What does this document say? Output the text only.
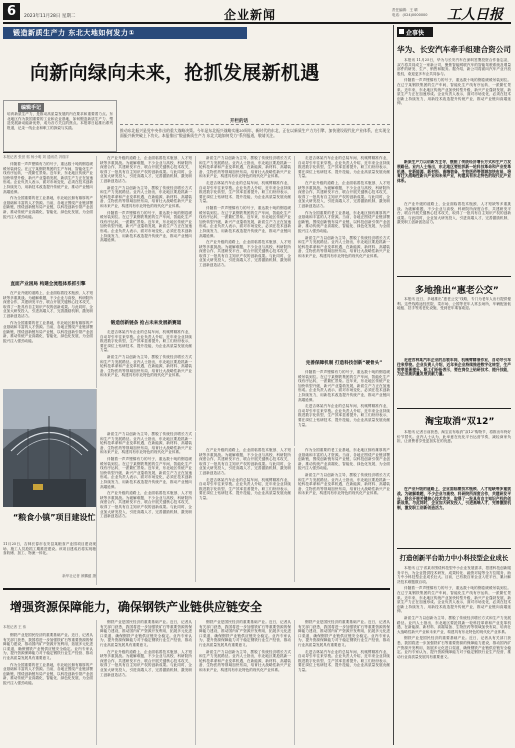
6	2023年11月28日 星期二	企业新闻	责任编辑：王 晴
电话：(024)0000000	工人日报
锻造新质生产力 东北大地如何发力①
向新向绿向未来，抢抓发展新机遇
编辑手记
培育新质生产力，是推动高质量发展的内在要求和重要着力点。东北地区作为我国重要的工业和农业基地，如何锻造新质生产力、塑造发展新动能新优势，成为各方关注的焦点。本报即日起推出系列报道，记录一线企业和职工的探索与实践。
开栏的话
推动东北振兴是党中央作出的重大战略决策。今年是东北振兴战略实施20周年，新时代的东北，正在以新质生产力为引擎，加快建设现代化产业体系，在实现全面振兴新突破上下功夫。本报推出“锻造新质生产力 东北大地如何发力”系列报道，敬请关注。
本报记者 张世 郭 杨小明 刘 通讯员 冯瑞宇

伴随着一声声铿锵有力的号子，重达数十吨的钢卷缓缓吊装到位。在辽宁某钢铁集团的生产车间，智能化生产线有序运转，一派繁忙景象。近年来，东北地区传统产业加快转型升级，新兴产业蓬勃发展，新质生产力正在加速形成。企业负责人表示，面对市场变化，必须在技术创新上持续发力，用新技术改造提升传统产业，推动产业链向高端延伸。

作为全国重要的老工业基地，东北地区拥有雄厚的产业基础和丰富的人才资源。当前，各地正围绕产业链部署创新链，围绕创新链布局产业链，以科技创新引领产业创新，推动传统产业高端化、智能化、绿色化发展，为全面振兴注入强劲动能。

直面产业困局 构建全流程体系抓引擎

在产业升级的道路上，企业面临着技术瓶颈、人才短缺等多重挑战。为破解难题，不少企业与高校、科研院所深度合作，共建研发平台，联合开展关键核心技术攻关，取得了一批具有自主知识产权的创新成果。与此同时，企业加大研发投入，引进高端人才，完善激励机制，激发职工创新创造活力。

作为全国重要的老工业基地，东北地区拥有雄厚的产业基础和丰富的人才资源。当前，各地正围绕产业链部署创新链，围绕创新链布局产业链，以科技创新引领产业创新，推动传统产业高端化、智能化、绿色化发展，为全面振兴注入强劲动能。

在产业升级的道路上，企业面临着技术瓶颈、人才短缺等多重挑战。为破解难题，不少企业与高校、科研院所深度合作，共建研发平台，联合开展关键核心技术攻关，取得了一批具有自主知识产权的创新成果。与此同时，企业加大研发投入，引进高端人才，完善激励机制，激发职工创新创造活力。

新质生产力以创新为主导，摆脱了传统经济增长方式和生产力发展路径。业内人士指出，东北地区要抢抓新一轮科技革命和产业变革机遇，在新能源、新材料、高端装备、生物医药等领域加快布局，培育壮大战略性新兴产业和未来产业，构建具有东北特色的现代化产业体系。

伴随着一声声铿锵有力的号子，重达数十吨的钢卷缓缓吊装到位。在辽宁某钢铁集团的生产车间，智能化生产线有序运转，一派繁忙景象。近年来，东北地区传统产业加快转型升级，新兴产业蓬勃发展，新质生产力正在加速形成。企业负责人表示，面对市场变化，必须在技术创新上持续发力，用新技术改造提升传统产业，推动产业链向高端延伸。

锻造创新链条 抢占未来发展新赛道

走进吉林某汽车企业的总装车间，机械臂精准作业，自动导引车往来穿梭。企业负责人介绍，近年来企业持续推进数字化转型，生产效率显著提升。职工们纷纷表示，要在岗位上钻研技术、提升技能，为企业高质量发展贡献力量。

新质生产力以创新为主导，摆脱了传统经济增长方式和生产力发展路径。业内人士指出，东北地区要抢抓新一轮科技革命和产业变革机遇，在新能源、新材料、高端装备、生物医药等领域加快布局，培育壮大战略性新兴产业和未来产业，构建具有东北特色的现代化产业体系。

新质生产力以创新为主导，摆脱了传统经济增长方式和生产力发展路径。业内人士指出，东北地区要抢抓新一轮科技革命和产业变革机遇，在新能源、新材料、高端装备、生物医药等领域加快布局，培育壮大战略性新兴产业和未来产业，构建具有东北特色的现代化产业体系。

走进吉林某汽车企业的总装车间，机械臂精准作业，自动导引车往来穿梭。企业负责人介绍，近年来企业持续推进数字化转型，生产效率显著提升。职工们纷纷表示，要在岗位上钻研技术、提升技能，为企业高质量发展贡献力量。

伴随着一声声铿锵有力的号子，重达数十吨的钢卷缓缓吊装到位。在辽宁某钢铁集团的生产车间，智能化生产线有序运转，一派繁忙景象。近年来，东北地区传统产业加快转型升级，新兴产业蓬勃发展，新质生产力正在加速形成。企业负责人表示，面对市场变化，必须在技术创新上持续发力，用新技术改造提升传统产业，推动产业链向高端延伸。

在产业升级的道路上，企业面临着技术瓶颈、人才短缺等多重挑战。为破解难题，不少企业与高校、科研院所深度合作，共建研发平台，联合开展关键核心技术攻关，取得了一批具有自主知识产权的创新成果。与此同时，企业加大研发投入，引进高端人才，完善激励机制，激发职工创新创造活力。

走进吉林某汽车企业的总装车间，机械臂精准作业，自动导引车往来穿梭。企业负责人介绍，近年来企业持续推进数字化转型，生产效率显著提升。职工们纷纷表示，要在岗位上钻研技术、提升技能，为企业高质量发展贡献力量。

在产业升级的道路上，企业面临着技术瓶颈、人才短缺等多重挑战。为破解难题，不少企业与高校、科研院所深度合作，共建研发平台，联合开展关键核心技术攻关，取得了一批具有自主知识产权的创新成果。与此同时，企业加大研发投入，引进高端人才，完善激励机制，激发职工创新创造活力。

作为全国重要的老工业基地，东北地区拥有雄厚的产业基础和丰富的人才资源。当前，各地正围绕产业链部署创新链，围绕创新链布局产业链，以科技创新引领产业创新，推动传统产业高端化、智能化、绿色化发展，为全面振兴注入强劲动能。

新质生产力以创新为主导，摆脱了传统经济增长方式和生产力发展路径。业内人士指出，东北地区要抢抓新一轮科技革命和产业变革机遇，在新能源、新材料、高端装备、生物医药等领域加快布局，培育壮大战略性新兴产业和未来产业，构建具有东北特色的现代化产业体系。

完善保障机制 打造科技创新“硬骨头”

伴随着一声声铿锵有力的号子，重达数十吨的钢卷缓缓吊装到位。在辽宁某钢铁集团的生产车间，智能化生产线有序运转，一派繁忙景象。近年来，东北地区传统产业加快转型升级，新兴产业蓬勃发展，新质生产力正在加速形成。企业负责人表示，面对市场变化，必须在技术创新上持续发力，用新技术改造提升传统产业，推动产业链向高端延伸。

走进吉林某汽车企业的总装车间，机械臂精准作业，自动导引车往来穿梭。企业负责人介绍，近年来企业持续推进数字化转型，生产效率显著提升。职工们纷纷表示，要在岗位上钻研技术、提升技能，为企业高质量发展贡献力量。

“粮食小镇”项目建设忙
11月25日，吉林长春市农安县某粮食产业园项目建设现场，施工人员抢抓工期推进建设。该项目建成后将实现粮食收储、加工、物流一体化。
新华社记者 颜麟蕴 摄

新质生产力以创新为主导，摆脱了传统经济增长方式和生产力发展路径。业内人士指出，东北地区要抢抓新一轮科技革命和产业变革机遇，在新能源、新材料、高端装备、生物医药等领域加快布局，培育壮大战略性新兴产业和未来产业，构建具有东北特色的现代化产业体系。

伴随着一声声铿锵有力的号子，重达数十吨的钢卷缓缓吊装到位。在辽宁某钢铁集团的生产车间，智能化生产线有序运转，一派繁忙景象。近年来，东北地区传统产业加快转型升级，新兴产业蓬勃发展，新质生产力正在加速形成。企业负责人表示，面对市场变化，必须在技术创新上持续发力，用新技术改造提升传统产业，推动产业链向高端延伸。

在产业升级的道路上，企业面临着技术瓶颈、人才短缺等多重挑战。为破解难题，不少企业与高校、科研院所深度合作，共建研发平台，联合开展关键核心技术攻关，取得了一批具有自主知识产权的创新成果。与此同时，企业加大研发投入，引进高端人才，完善激励机制，激发职工创新创造活力。

在产业升级的道路上，企业面临着技术瓶颈、人才短缺等多重挑战。为破解难题，不少企业与高校、科研院所深度合作，共建研发平台，联合开展关键核心技术攻关，取得了一批具有自主知识产权的创新成果。与此同时，企业加大研发投入，引进高端人才，完善激励机制，激发职工创新创造活力。

走进吉林某汽车企业的总装车间，机械臂精准作业，自动导引车往来穿梭。企业负责人介绍，近年来企业持续推进数字化转型，生产效率显著提升。职工们纷纷表示，要在岗位上钻研技术、提升技能，为企业高质量发展贡献力量。

作为全国重要的老工业基地，东北地区拥有雄厚的产业基础和丰富的人才资源。当前，各地正围绕产业链部署创新链，围绕创新链布局产业链，以科技创新引领产业创新，推动传统产业高端化、智能化、绿色化发展，为全面振兴注入强劲动能。

新质生产力以创新为主导，摆脱了传统经济增长方式和生产力发展路径。业内人士指出，东北地区要抢抓新一轮科技革命和产业变革机遇，在新能源、新材料、高端装备、生物医药等领域加快布局，培育壮大战略性新兴产业和未来产业，构建具有东北特色的现代化产业体系。

增强资源保障能力，确保钢铁产业链供应链安全
本报记者 王 伟

钢铁产业是国民经济的重要基础产业。近日，记者从有关部门获悉，我国将进一步加强铁矿石等重要资源的保障能力建设，推动国内矿产资源开发利用，拓展多元化进口渠道，确保钢铁产业链供应链安全稳定。业内专家认为，提升资源保障能力对于稳定钢铁行业生产经营、推动行业高质量发展具有重要意义。

作为全国重要的老工业基地，东北地区拥有雄厚的产业基础和丰富的人才资源。当前，各地正围绕产业链部署创新链，围绕创新链布局产业链，以科技创新引领产业创新，推动传统产业高端化、智能化、绿色化发展，为全面振兴注入强劲动能。

钢铁产业是国民经济的重要基础产业。近日，记者从有关部门获悉，我国将进一步加强铁矿石等重要资源的保障能力建设，推动国内矿产资源开发利用，拓展多元化进口渠道，确保钢铁产业链供应链安全稳定。业内专家认为，提升资源保障能力对于稳定钢铁行业生产经营、推动行业高质量发展具有重要意义。

在产业升级的道路上，企业面临着技术瓶颈、人才短缺等多重挑战。为破解难题，不少企业与高校、科研院所深度合作，共建研发平台，联合开展关键核心技术攻关，取得了一批具有自主知识产权的创新成果。与此同时，企业加大研发投入，引进高端人才，完善激励机制，激发职工创新创造活力。

钢铁产业是国民经济的重要基础产业。近日，记者从有关部门获悉，我国将进一步加强铁矿石等重要资源的保障能力建设，推动国内矿产资源开发利用，拓展多元化进口渠道，确保钢铁产业链供应链安全稳定。业内专家认为，提升资源保障能力对于稳定钢铁行业生产经营、推动行业高质量发展具有重要意义。

新质生产力以创新为主导，摆脱了传统经济增长方式和生产力发展路径。业内人士指出，东北地区要抢抓新一轮科技革命和产业变革机遇，在新能源、新材料、高端装备、生物医药等领域加快布局，培育壮大战略性新兴产业和未来产业，构建具有东北特色的现代化产业体系。

钢铁产业是国民经济的重要基础产业。近日，记者从有关部门获悉，我国将进一步加强铁矿石等重要资源的保障能力建设，推动国内矿产资源开发利用，拓展多元化进口渠道，确保钢铁产业链供应链安全稳定。业内专家认为，提升资源保障能力对于稳定钢铁行业生产经营、推动行业高质量发展具有重要意义。

走进吉林某汽车企业的总装车间，机械臂精准作业，自动导引车往来穿梭。企业负责人介绍，近年来企业持续推进数字化转型，生产效率显著提升。职工们纷纷表示，要在岗位上钻研技术、提升技能，为企业高质量发展贡献力量。

企事快
华为、长安汽车牵手组建合资公司

本报讯 11月25日，华为与长安汽车在深圳签署投资合作备忘录，双方将共同成立一家新公司，聚焦智能网联汽车的智能驾驶系统及增量部件的研发、生产、销售和服务。据介绍，新公司将面向汽车产业开放股权，欢迎更多车企共同参与。

伴随着一声声铿锵有力的号子，重达数十吨的钢卷缓缓吊装到位。在辽宁某钢铁集团的生产车间，智能化生产线有序运转，一派繁忙景象。近年来，东北地区传统产业加快转型升级，新兴产业蓬勃发展，新质生产力正在加速形成。企业负责人表示，面对市场变化，必须在技术创新上持续发力，用新技术改造提升传统产业，推动产业链向高端延伸。

新质生产力以创新为主导，摆脱了传统经济增长方式和生产力发展路径。业内人士指出，东北地区要抢抓新一轮科技革命和产业变革机遇，在新能源、新材料、高端装备、生物医药等领域加快布局，培育壮大战略性新兴产业和未来产业，构建具有东北特色的现代化产业体系。

在产业升级的道路上，企业面临着技术瓶颈、人才短缺等多重挑战。为破解难题，不少企业与高校、科研院所深度合作，共建研发平台，联合开展关键核心技术攻关，取得了一批具有自主知识产权的创新成果。与此同时，企业加大研发投入，引进高端人才，完善激励机制，激发职工创新创造活力。

多地推出“惠老公交”

本报讯 近日，多地推出“惠老公交”线路，专门为老年人出行提供便利。这些线路途经医院、菜市场、公园等老年人常去场所，车辆配备低地板、扶手等适老化设施，受到老年乘客欢迎。

走进吉林某汽车企业的总装车间，机械臂精准作业，自动导引车往来穿梭。企业负责人介绍，近年来企业持续推进数字化转型，生产效率显著提升。职工们纷纷表示，要在岗位上钻研技术、提升技能，为企业高质量发展贡献力量。

淘宝取消“双12”

本报讯 记者日前获悉，淘宝宣布取消“双12”购物节，将推出年终好价节替代。业内人士认为，此举意在优化平台运营节奏，减轻商家负担，让消费者享受更加实在的优惠。

在产业升级的道路上，企业面临着技术瓶颈、人才短缺等多重挑战。为破解难题，不少企业与高校、科研院所深度合作，共建研发平台，联合开展关键核心技术攻关，取得了一批具有自主知识产权的创新成果。与此同时，企业加大研发投入，引进高端人才，完善激励机制，激发职工创新创造活力。

打造创新平台助力中小科技型企业成长

本报讯 辽宁省某市围绕科技型中小企业发展需求，搭建科技创新服务平台，为企业提供技术研发、成果转化、融资对接等全方位服务，助力中小科技型企业成长壮大。目前，已有数百家企业入驻平台，累计解决技术难题数百项。

伴随着一声声铿锵有力的号子，重达数十吨的钢卷缓缓吊装到位。在辽宁某钢铁集团的生产车间，智能化生产线有序运转，一派繁忙景象。近年来，东北地区传统产业加快转型升级，新兴产业蓬勃发展，新质生产力正在加速形成。企业负责人表示，面对市场变化，必须在技术创新上持续发力，用新技术改造提升传统产业，推动产业链向高端延伸。

新质生产力以创新为主导，摆脱了传统经济增长方式和生产力发展路径。业内人士指出，东北地区要抢抓新一轮科技革命和产业变革机遇，在新能源、新材料、高端装备、生物医药等领域加快布局，培育壮大战略性新兴产业和未来产业，构建具有东北特色的现代化产业体系。

钢铁产业是国民经济的重要基础产业。近日，记者从有关部门获悉，我国将进一步加强铁矿石等重要资源的保障能力建设，推动国内矿产资源开发利用，拓展多元化进口渠道，确保钢铁产业链供应链安全稳定。业内专家认为，提升资源保障能力对于稳定钢铁行业生产经营、推动行业高质量发展具有重要意义。
